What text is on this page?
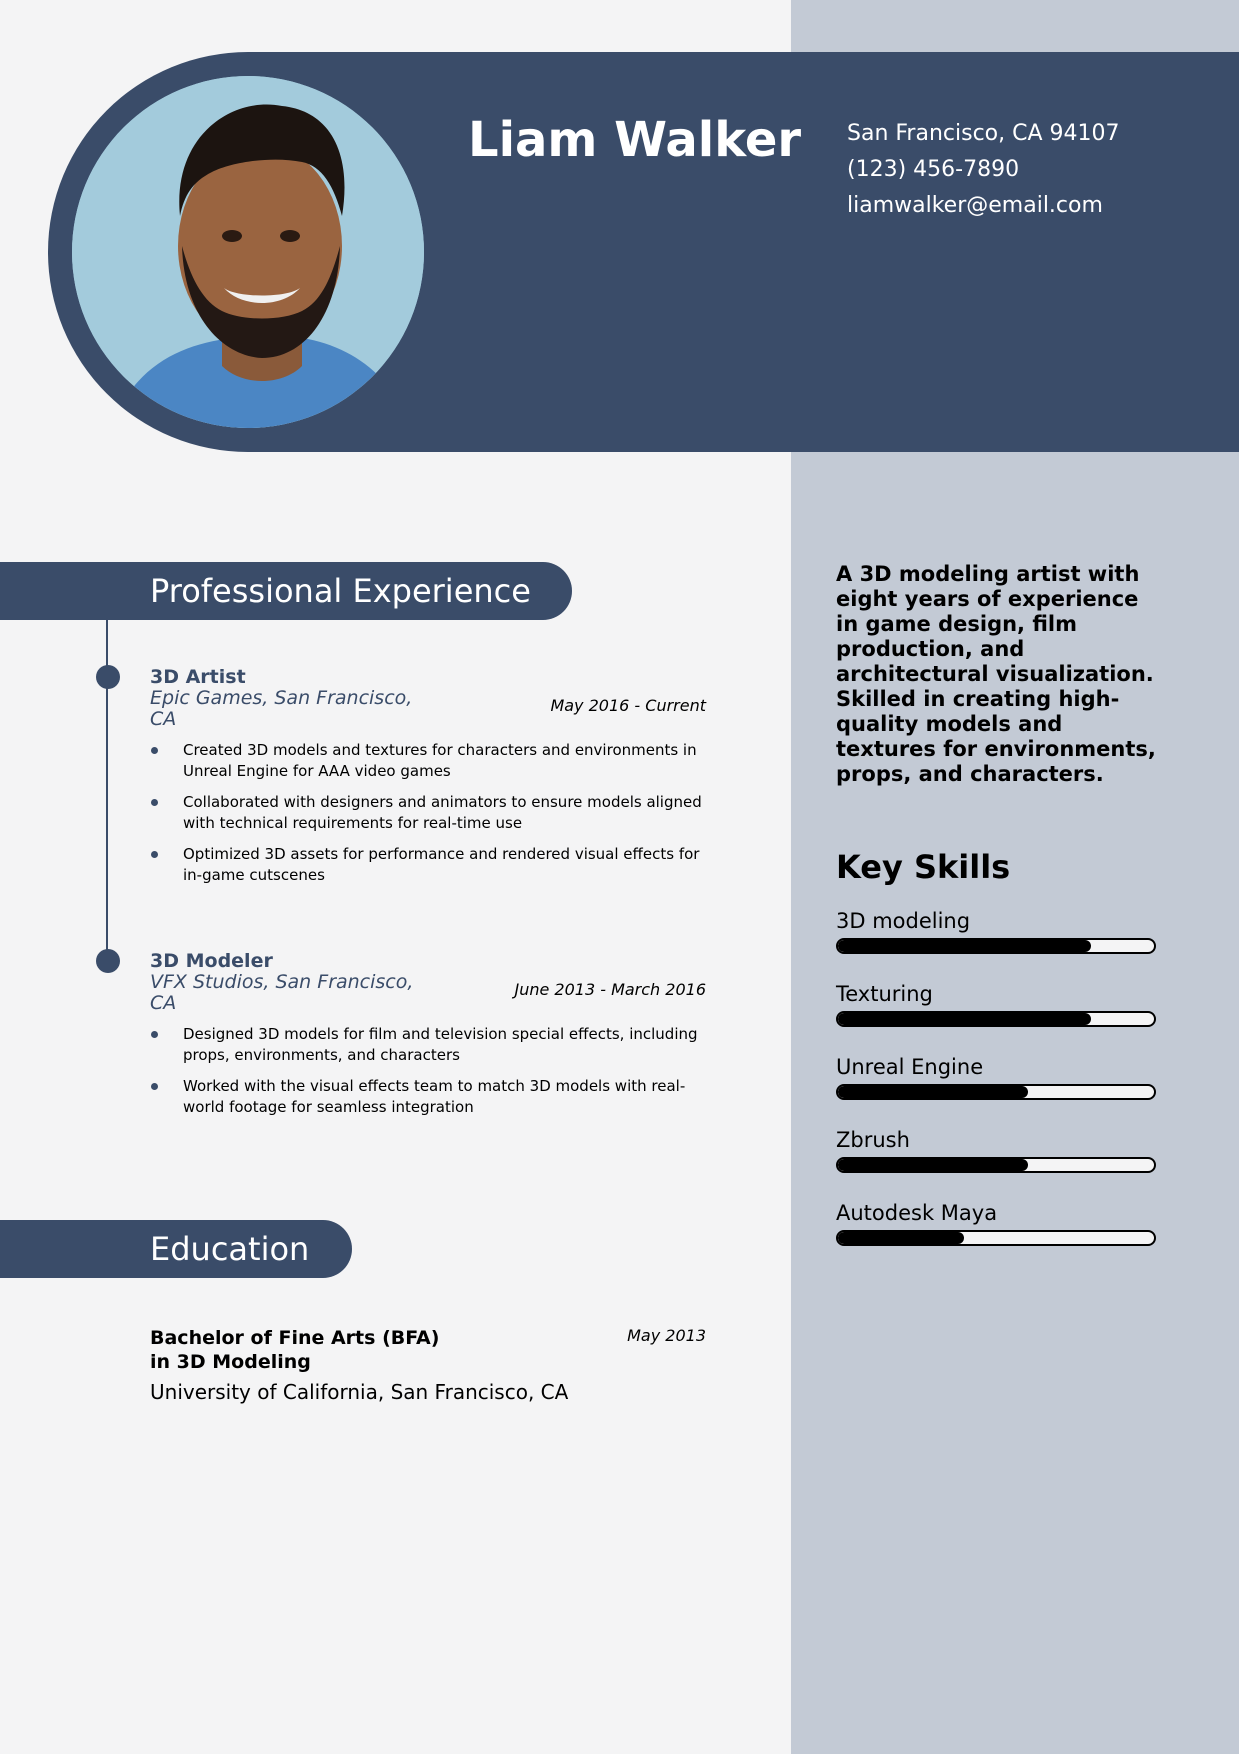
Liam Walker San Francisco, CA 94107
(123) 456-7890
liamwalker@email.com
Professional Experience
3D Artist
Epic Games, San Francisco, CA
May 2016 - Current
Created 3D models and textures for characters and environments in Unreal Engine for AAA video games
Collaborated with designers and animators to ensure models aligned with technical requirements for real-time use
Optimized 3D assets for performance and rendered visual effects for in-game cutscenes
3D Modeler
VFX Studios, San Francisco, CA
June 2013 - March 2016
Designed 3D models for film and television special effects, including props, environments, and characters
Worked with the visual effects team to match 3D models with real-world footage for seamless integration
Education
Bachelor of Fine Arts (BFA) in 3D Modeling
May 2013
University of California, San Francisco, CA
A 3D modeling artist with eight years of experience in game design, film production, and architectural visualization. Skilled in creating high-quality models and textures for environments, props, and characters.
Key Skills
3D modeling
Texturing
Unreal Engine
Zbrush
Autodesk Maya
